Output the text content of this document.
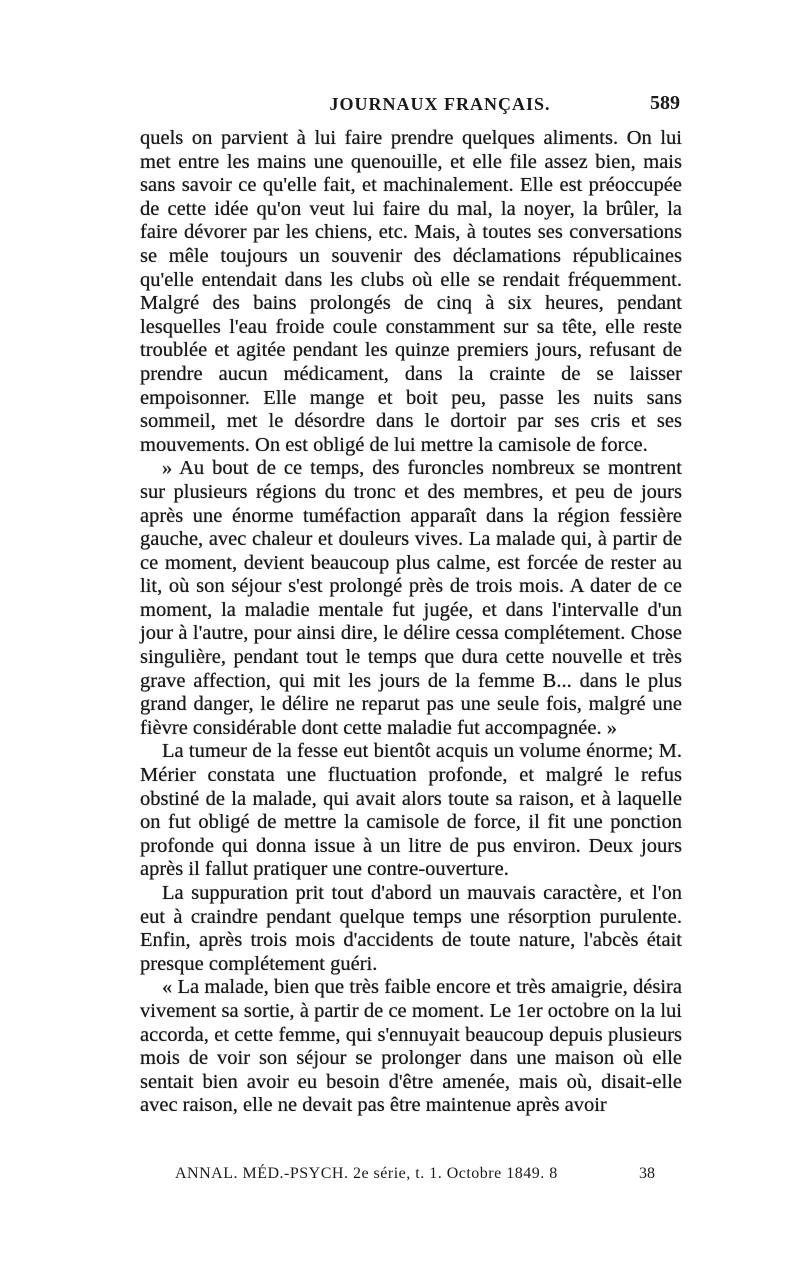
JOURNAUX FRANÇAIS.	589

quels on parvient à lui faire prendre quelques aliments. On lui met entre les mains une quenouille, et elle file assez bien, mais sans savoir ce qu'elle fait, et machinalement. Elle est préoccupée de cette idée qu'on veut lui faire du mal, la noyer, la brûler, la faire dévorer par les chiens, etc. Mais, à toutes ses conversations se mêle toujours un souvenir des déclamations républicaines qu'elle entendait dans les clubs où elle se rendait fréquemment. Malgré des bains prolongés de cinq à six heures, pendant lesquelles l'eau froide coule constamment sur sa tête, elle reste troublée et agitée pendant les quinze premiers jours, refusant de prendre aucun médicament, dans la crainte de se laisser empoisonner. Elle mange et boit peu, passe les nuits sans sommeil, met le désordre dans le dortoir par ses cris et ses mouvements. On est obligé de lui mettre la camisole de force.

» Au bout de ce temps, des furoncles nombreux se montrent sur plusieurs régions du tronc et des membres, et peu de jours après une énorme tuméfaction apparaît dans la région fessière gauche, avec chaleur et douleurs vives. La malade qui, à partir de ce moment, devient beaucoup plus calme, est forcée de rester au lit, où son séjour s'est prolongé près de trois mois. A dater de ce moment, la maladie mentale fut jugée, et dans l'intervalle d'un jour à l'autre, pour ainsi dire, le délire cessa complétement. Chose singulière, pendant tout le temps que dura cette nouvelle et très grave affection, qui mit les jours de la femme B... dans le plus grand danger, le délire ne reparut pas une seule fois, malgré une fièvre considérable dont cette maladie fut accompagnée. »

La tumeur de la fesse eut bientôt acquis un volume énorme; M. Mérier constata une fluctuation profonde, et malgré le refus obstiné de la malade, qui avait alors toute sa raison, et à laquelle on fut obligé de mettre la camisole de force, il fit une ponction profonde qui donna issue à un litre de pus environ. Deux jours après il fallut pratiquer une contre-ouverture.

La suppuration prit tout d'abord un mauvais caractère, et l'on eut à craindre pendant quelque temps une résorption purulente. Enfin, après trois mois d'accidents de toute nature, l'abcès était presque complétement guéri.

« La malade, bien que très faible encore et très amaigrie, désira vivement sa sortie, à partir de ce moment. Le 1er octobre on la lui accorda, et cette femme, qui s'ennuyait beaucoup depuis plusieurs mois de voir son séjour se prolonger dans une maison où elle sentait bien avoir eu besoin d'être amenée, mais où, disait-elle avec raison, elle ne devait pas être maintenue après avoir

ANNAL. MÉD.-PSYCH. 2e série, t. 1. Octobre 1849. 8	38
